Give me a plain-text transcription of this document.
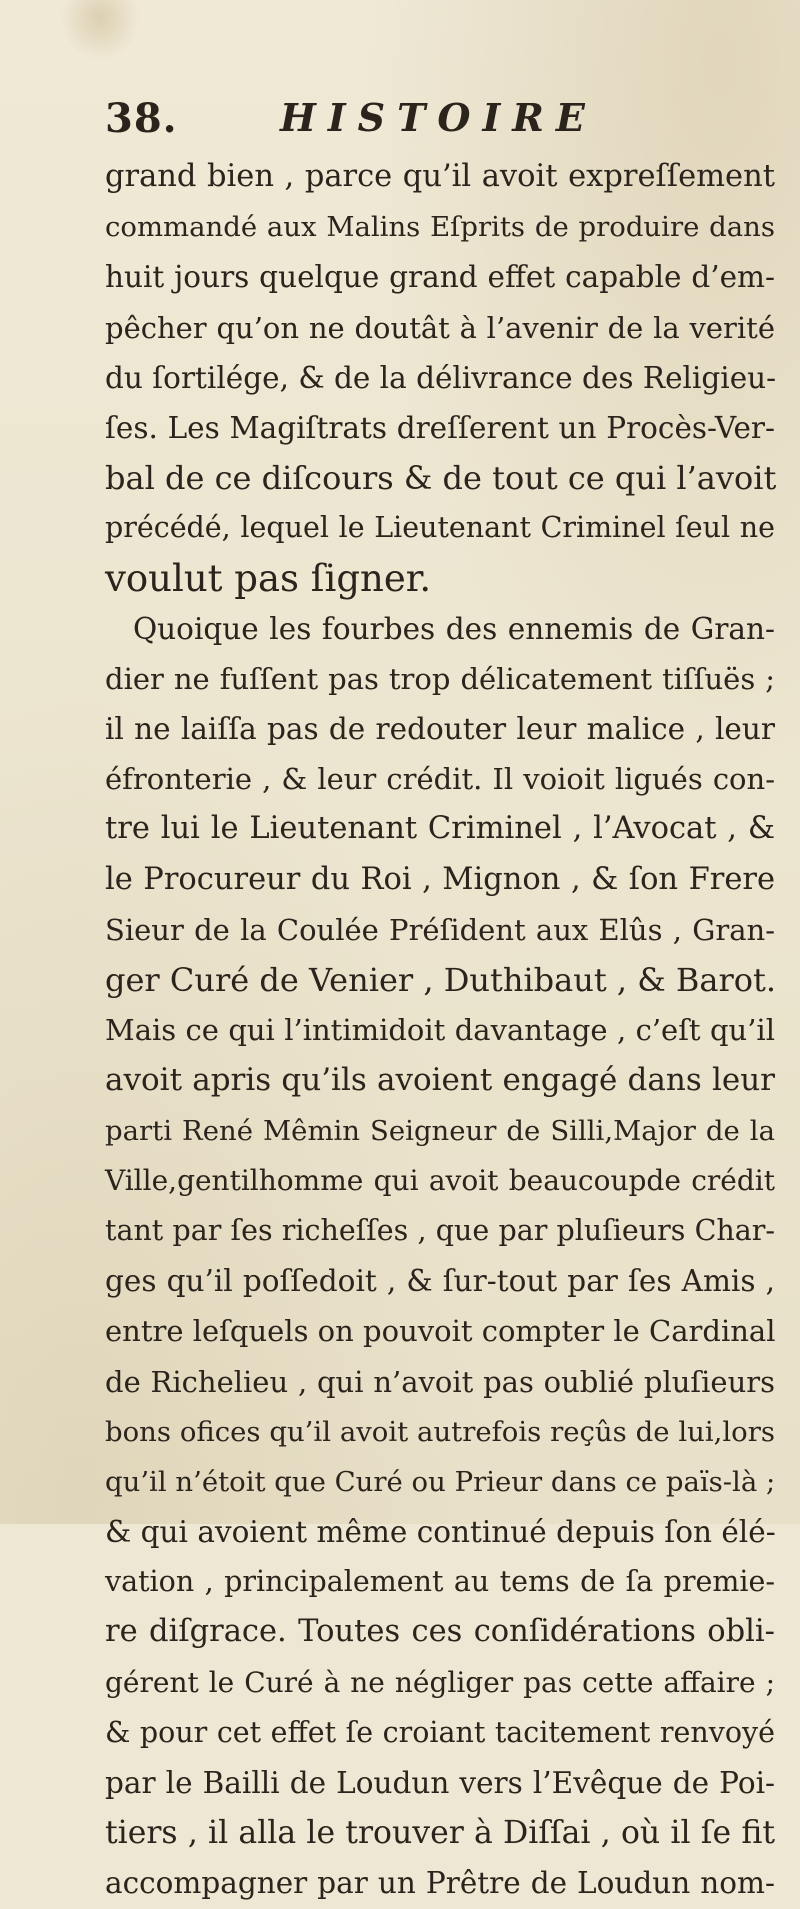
38.	HISTOIRE
grand bien , parce qu’il avoit expreſſement
commandé aux Malins Eſprits de produire dans
huit jours quelque grand effet capable d’em-
pêcher qu’on ne doutât à l’avenir de la verité
du ſortilége, & de la délivrance des Religieu-
ſes. Les Magiſtrats dreſſerent un Procès-Ver-
bal de ce diſcours & de tout ce qui l’avoit
précédé, lequel le Lieutenant Criminel ſeul ne
voulut pas ſigner.
Quoique les fourbes des ennemis de Gran-
dier ne fuſſent pas trop délicatement tiſſuës ;
il ne laiſſa pas de redouter leur malice , leur
éfronterie , & leur crédit. Il voioit ligués con-
tre lui le Lieutenant Criminel , l’Avocat , &
le Procureur du Roi , Mignon , & ſon Frere
Sieur de la Coulée Préſident aux Elûs , Gran-
ger Curé de Venier , Duthibaut , & Barot.
Mais ce qui l’intimidoit davantage , c’eſt qu’il
avoit apris qu’ils avoient engagé dans leur
parti René Mêmin Seigneur de Silli,Major de la
Ville,gentilhomme qui avoit beaucoupde crédit
tant par ſes richeſſes , que par pluſieurs Char-
ges qu’il poſſedoit , & ſur-tout par ſes Amis ,
entre leſquels on pouvoit compter le Cardinal
de Richelieu , qui n’avoit pas oublié pluſieurs
bons ofices qu’il avoit autrefois reçûs de lui,lors
qu’il n’étoit que Curé ou Prieur dans ce païs-là ;
& qui avoient même continué depuis ſon élé-
vation , principalement au tems de ſa premie-
re diſgrace. Toutes ces conſidérations obli-
gérent le Curé à ne négliger pas cette affaire ;
& pour cet effet ſe croiant tacitement renvoyé
par le Bailli de Loudun vers l’Evêque de Poi-
tiers , il alla le trouver à Diſſai , où il ſe fit
accompagner par un Prêtre de Loudun nom-
